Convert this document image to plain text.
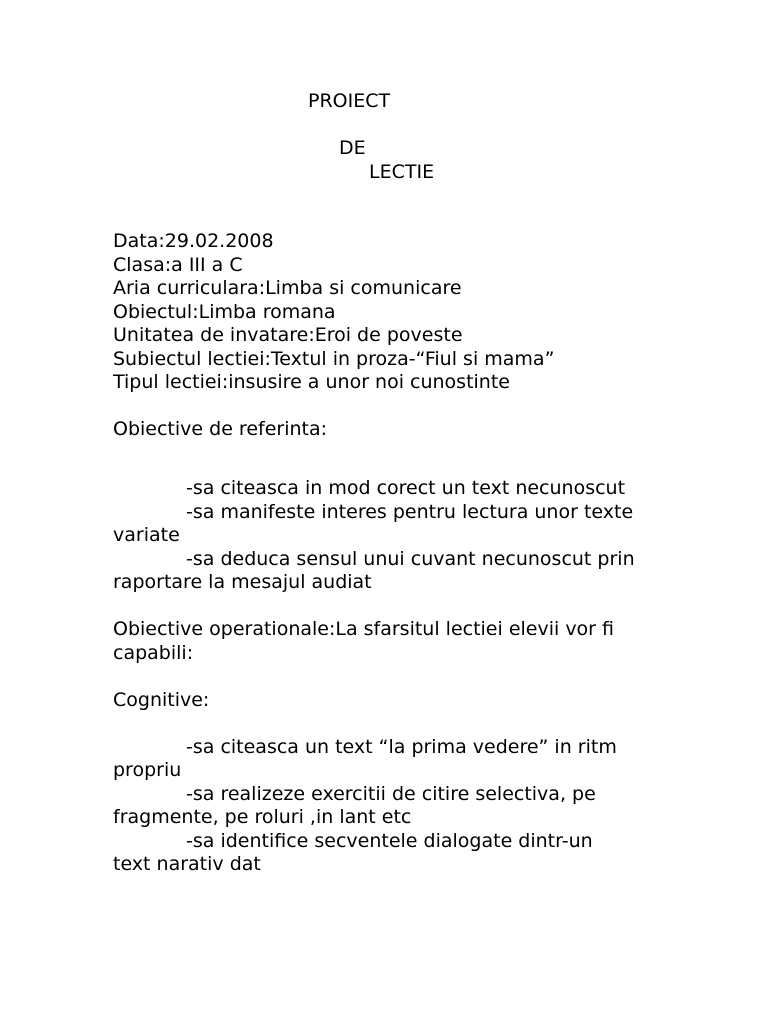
PROIECT
DE
LECTIE
Data:29.02.2008
Clasa:a III a C
Aria curriculara:Limba si comunicare
Obiectul:Limba romana
Unitatea de invatare:Eroi de poveste
Subiectul lectiei:Textul in proza-“Fiul si mama”
Tipul lectiei:insusire a unor noi cunostinte
Obiective de referinta:
-sa citeasca in mod corect un text necunoscut
-sa manifeste interes pentru lectura unor texte
variate
-sa deduca sensul unui cuvant necunoscut prin
raportare la mesajul audiat
Obiective operationale:La sfarsitul lectiei elevii vor fi
capabili:
Cognitive:
-sa citeasca un text “la prima vedere” in ritm
propriu
-sa realizeze exercitii de citire selectiva, pe
fragmente, pe roluri ,in lant etc
-sa identifice secventele dialogate dintr-un
text narativ dat
